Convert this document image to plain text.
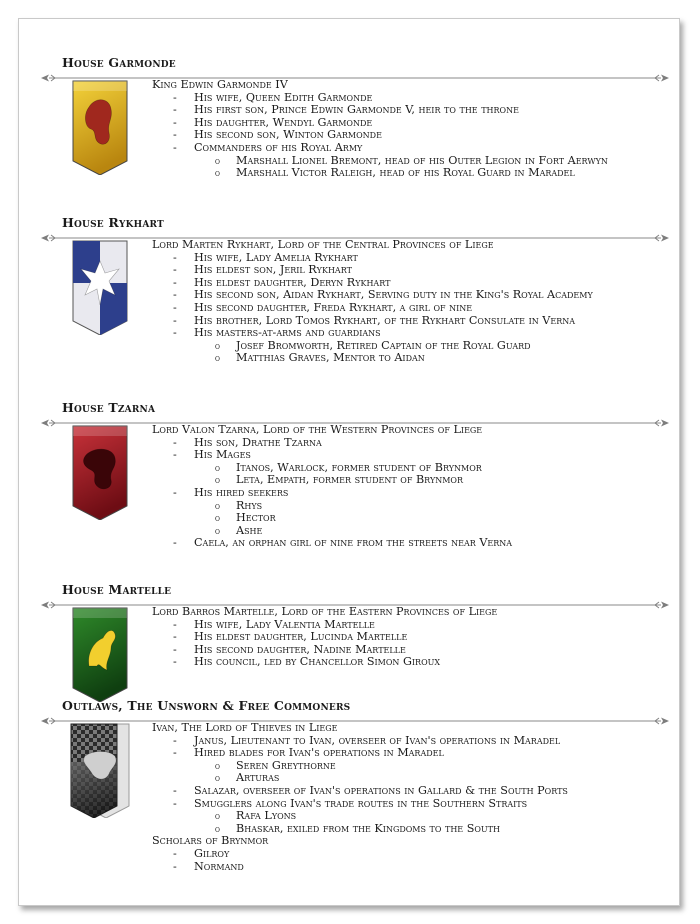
House Garmonde
King Edwin Garmonde IV
- His wife, Queen Edith Garmonde
- His first son, Prince Edwin Garmonde V, heir to the throne
- His daughter, Wendyl Garmonde
- His second son, Winton Garmonde
- Commanders of his Royal Army
o Marshall Lionel Bremont, head of his Outer Legion in Fort Aerwyn
o Marshall Victor Raleigh, head of his Royal Guard in Maradel
House Rykhart
Lord Marten Rykhart, Lord of the Central Provinces of Liege
- His wife, Lady Amelia Rykhart
- His eldest son, Jeril Rykhart
- His eldest daughter, Deryn Rykhart
- His second son, Aidan Rykhart, Serving duty in the King's Royal Academy
- His second daughter, Freda Rykhart, a girl of nine
- His brother, Lord Tomos Rykhart, of the Rykhart Consulate in Verna
- His masters-at-arms and guardians
o Josef Bromworth, Retired Captain of the Royal Guard
o Matthias Graves, Mentor to Aidan
House Tzarna
Lord Valon Tzarna, Lord of the Western Provinces of Liege
- His son, Drathe Tzarna
- His Mages
o Itanos, Warlock, former student of Brynmor
o Leta, Empath, former student of Brynmor
- His hired seekers
o Rhys
o Hector
o Ashe
- Caela, an orphan girl of nine from the streets near Verna
House Martelle
Lord Barros Martelle, Lord of the Eastern Provinces of Liege
- His wife, Lady Valentia Martelle
- His eldest daughter, Lucinda Martelle
- His second daughter, Nadine Martelle
- His council, led by Chancellor Simon Giroux
Outlaws, The Unsworn & Free Commoners
Ivan, The Lord of Thieves in Liege
- Janus, Lieutenant to Ivan, overseer of Ivan's operations in Maradel
- Hired blades for Ivan's operations in Maradel
o Seren Greythorne
o Arturas
- Salazar, overseer of Ivan's operations in Gallard & the South Ports
- Smugglers along Ivan's trade routes in the Southern Straits
o Rafa Lyons
o Bhaskar, exiled from the Kingdoms to the South
Scholars of Brynmor
- Gilroy
- Normand
